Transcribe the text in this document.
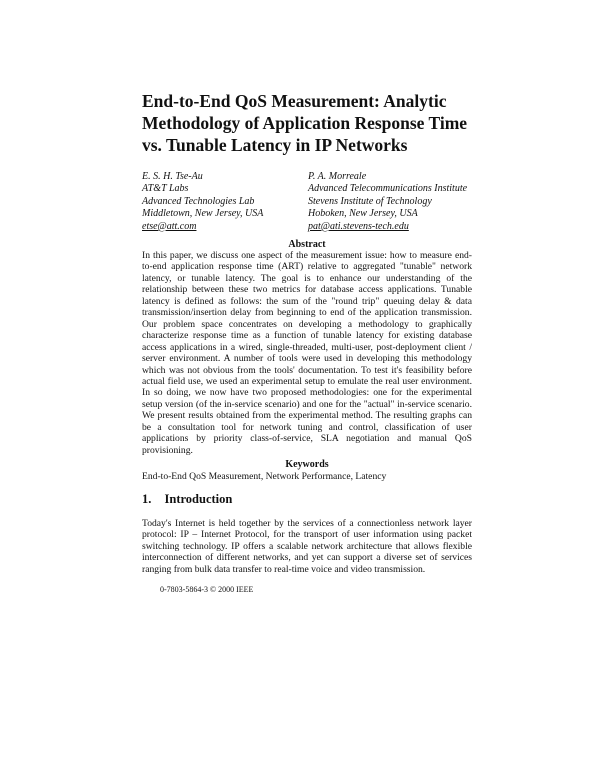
End-to-End QoS Measurement: Analytic
Methodology of Application Response Time
vs. Tunable Latency in IP Networks
E. S. H. Tse-Au
AT&T Labs
Advanced Technologies Lab
Middletown, New Jersey, USA
etse@att.com
P. A. Morreale
Advanced Telecommunications Institute
Stevens Institute of Technology
Hoboken, New Jersey, USA
pat@ati.stevens-tech.edu
Abstract

In this paper, we discuss one aspect of the measurement issue: how to measure end-to-end application response time (ART) relative to aggregated "tunable" network latency, or tunable latency. The goal is to enhance our understanding of the relationship between these two metrics for database access applications. Tunable latency is defined as follows: the sum of the "round trip" queuing delay & data transmission/insertion delay from beginning to end of the application transmission. Our problem space concentrates on developing a methodology to graphically characterize response time as a function of tunable latency for existing database access applications in a wired, single-threaded, multi-user, post-deployment client / server environment. A number of tools were used in developing this methodology which was not obvious from the tools' documentation. To test it's feasibility before actual field use, we used an experimental setup to emulate the real user environment. In so doing, we now have two proposed methodologies: one for the experimental setup version (of the in-service scenario) and one for the "actual" in-service scenario. We present results obtained from the experimental method. The resulting graphs can be a consultation tool for network tuning and control, classification of user applications by priority class-of-service, SLA negotiation and manual QoS provisioning.

Keywords
End-to-End QoS Measurement, Network Performance, Latency
1. Introduction

Today's Internet is held together by the services of a connectionless network layer protocol: IP – Internet Protocol, for the transport of user information using packet switching technology. IP offers a scalable network architecture that allows flexible interconnection of different networks, and yet can support a diverse set of services ranging from bulk data transfer to real-time voice and video transmission.

0-7803-5864-3 © 2000 IEEE
